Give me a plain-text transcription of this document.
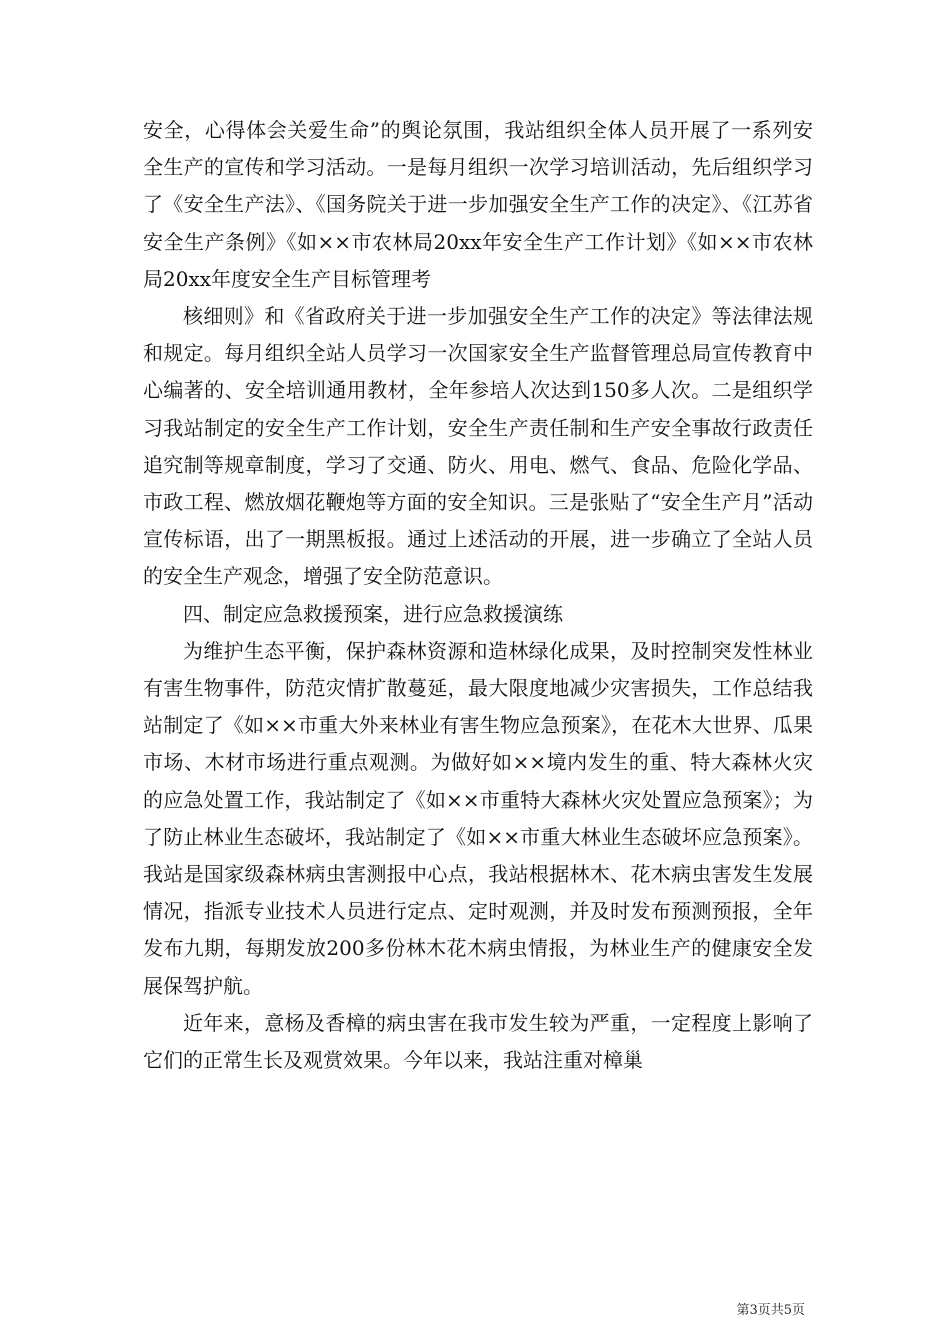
安全，心得体会关爱生命”的舆论氛围，我站组织全体人员开展了一系列安全生产的宣传和学习活动。一是每月组织一次学习培训活动，先后组织学习了《安全生产法》、《国务院关于进一步加强安全生产工作的决定》、《江苏省安全生产条例》《如××市农林局20xx年安全生产工作计划》《如××市农林局20xx年度安全生产目标管理考

核细则》和《省政府关于进一步加强安全生产工作的决定》等法律法规和规定。每月组织全站人员学习一次国家安全生产监督管理总局宣传教育中心编著的、安全培训通用教材，全年参培人次达到150多人次。二是组织学习我站制定的安全生产工作计划，安全生产责任制和生产安全事故行政责任追究制等规章制度，学习了交通、防火、用电、燃气、食品、危险化学品、市政工程、燃放烟花鞭炮等方面的安全知识。三是张贴了“安全生产月”活动宣传标语，出了一期黑板报。通过上述活动的开展，进一步确立了全站人员的安全生产观念，增强了安全防范意识。

四、制定应急救援预案，进行应急救援演练

为维护生态平衡，保护森林资源和造林绿化成果，及时控制突发性林业有害生物事件，防范灾情扩散蔓延，最大限度地减少灾害损失，工作总结我站制定了《如××市重大外来林业有害生物应急预案》，在花木大世界、瓜果市场、木材市场进行重点观测。为做好如××境内发生的重、特大森林火灾的应急处置工作，我站制定了《如××市重特大森林火灾处置应急预案》；为了防止林业生态破坏，我站制定了《如××市重大林业生态破坏应急预案》。我站是国家级森林病虫害测报中心点，我站根据林木、花木病虫害发生发展情况，指派专业技术人员进行定点、定时观测，并及时发布预测预报，全年发布九期，每期发放200多份林木花木病虫情报，为林业生产的健康安全发展保驾护航。

近年来，意杨及香樟的病虫害在我市发生较为严重，一定程度上影响了它们的正常生长及观赏效果。今年以来，我站注重对樟巢

第3页共5页
